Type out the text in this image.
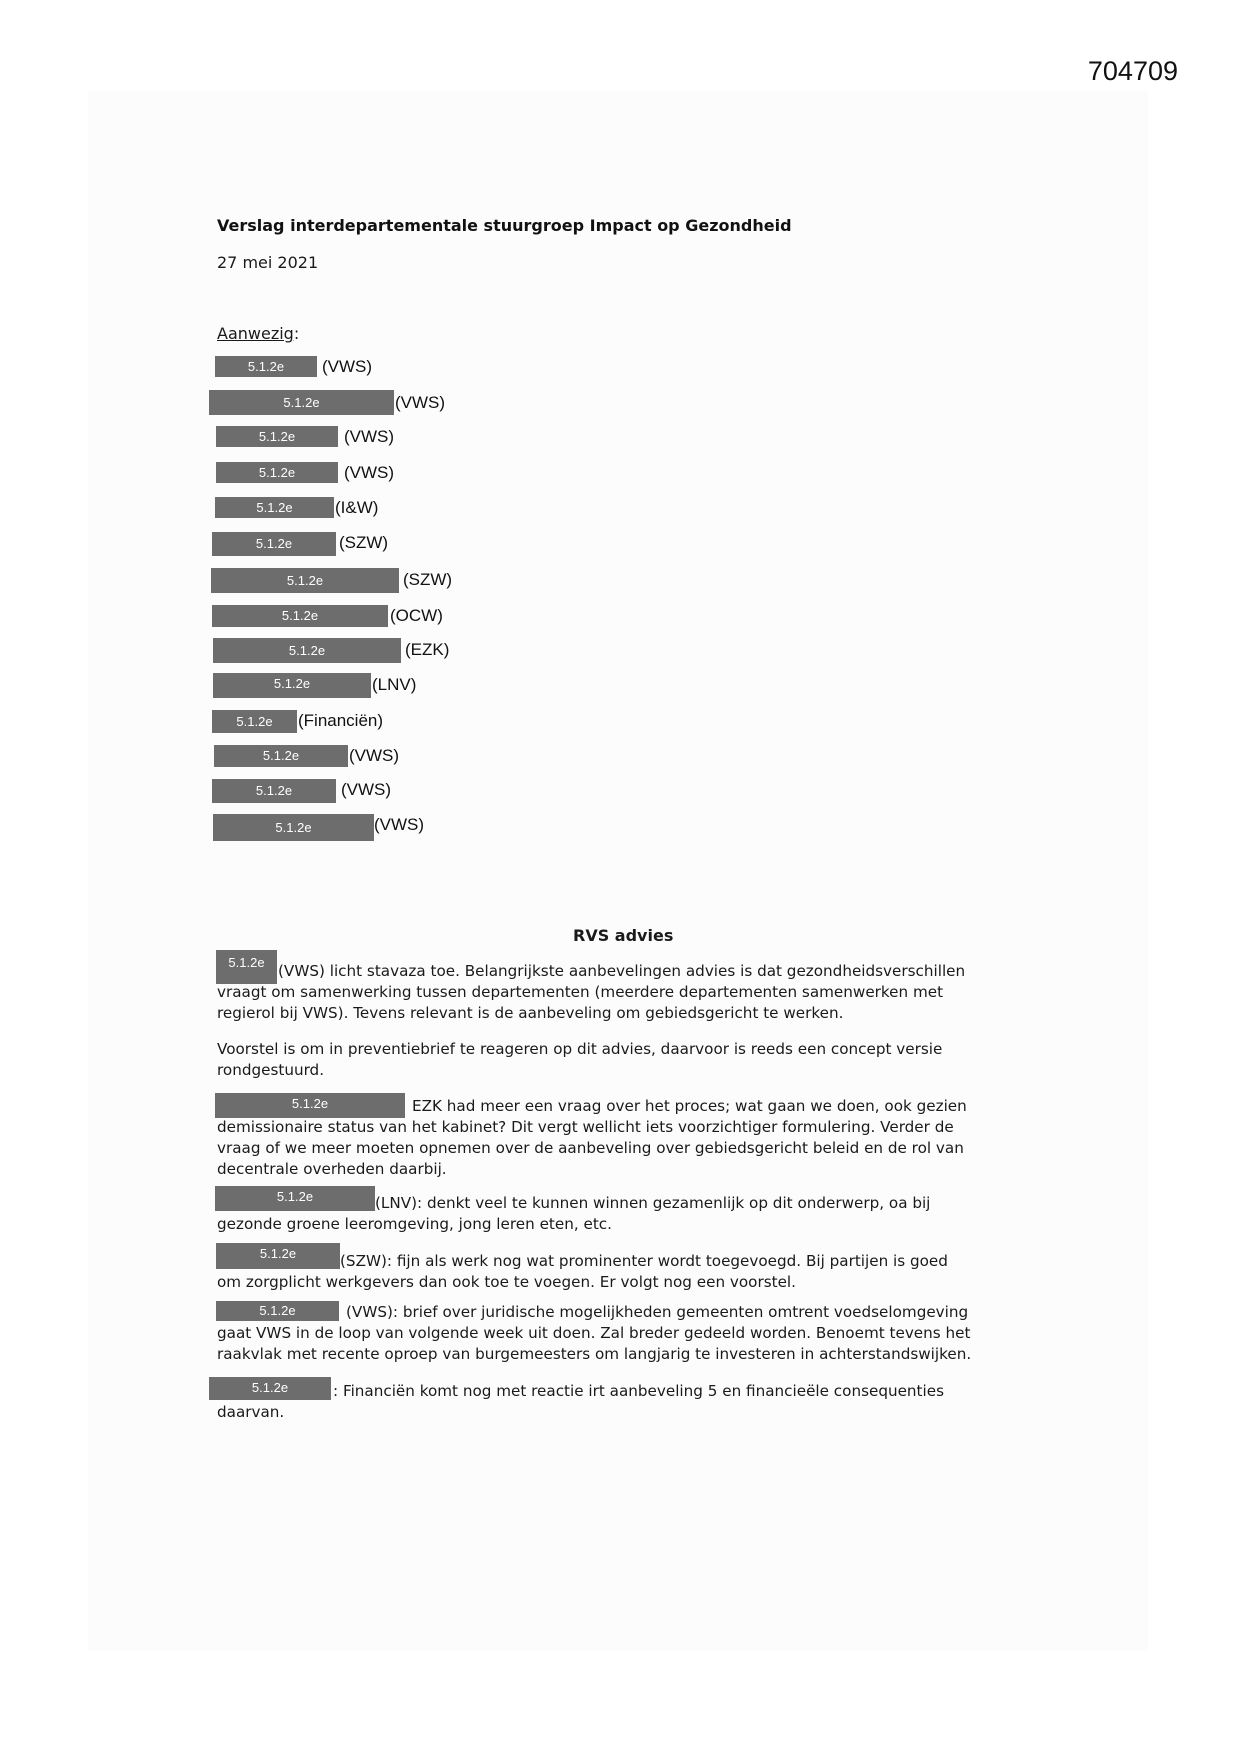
704709
Verslag interdepartementale stuurgroep Impact op Gezondheid
27 mei 2021
Aanwezig:
5.1.2e	(VWS)
5.1.2e	(VWS)
5.1.2e	(VWS)
5.1.2e	(VWS)
5.1.2e	(I&W)
5.1.2e	(SZW)
5.1.2e	(SZW)
5.1.2e	(OCW)
5.1.2e	(EZK)
5.1.2e	(LNV)
5.1.2e	(Financiën)
5.1.2e	(VWS)
5.1.2e	(VWS)
5.1.2e	(VWS)
RVS advies
5.1.2e (VWS) licht stavaza toe. Belangrijkste aanbevelingen advies is dat gezondheidsverschillen
vraagt om samenwerking tussen departementen (meerdere departementen samenwerken met
regierol bij VWS). Tevens relevant is de aanbeveling om gebiedsgericht te werken.
Voorstel is om in preventiebrief te reageren op dit advies, daarvoor is reeds een concept versie
rondgestuurd.
5.1.2e	EZK had meer een vraag over het proces; wat gaan we doen, ook gezien
demissionaire status van het kabinet? Dit vergt wellicht iets voorzichtiger formulering. Verder de
vraag of we meer moeten opnemen over de aanbeveling over gebiedsgericht beleid en de rol van
decentrale overheden daarbij.
5.1.2e	(LNV): denkt veel te kunnen winnen gezamenlijk op dit onderwerp, oa bij
gezonde groene leeromgeving, jong leren eten, etc.
5.1.2e	(SZW): fijn als werk nog wat prominenter wordt toegevoegd. Bij partijen is goed
om zorgplicht werkgevers dan ook toe te voegen. Er volgt nog een voorstel.
5.1.2e	(VWS): brief over juridische mogelijkheden gemeenten omtrent voedselomgeving
gaat VWS in de loop van volgende week uit doen. Zal breder gedeeld worden. Benoemt tevens het
raakvlak met recente oproep van burgemeesters om langjarig te investeren in achterstandswijken.
5.1.2e	: Financiën komt nog met reactie irt aanbeveling 5 en financieële consequenties
daarvan.
